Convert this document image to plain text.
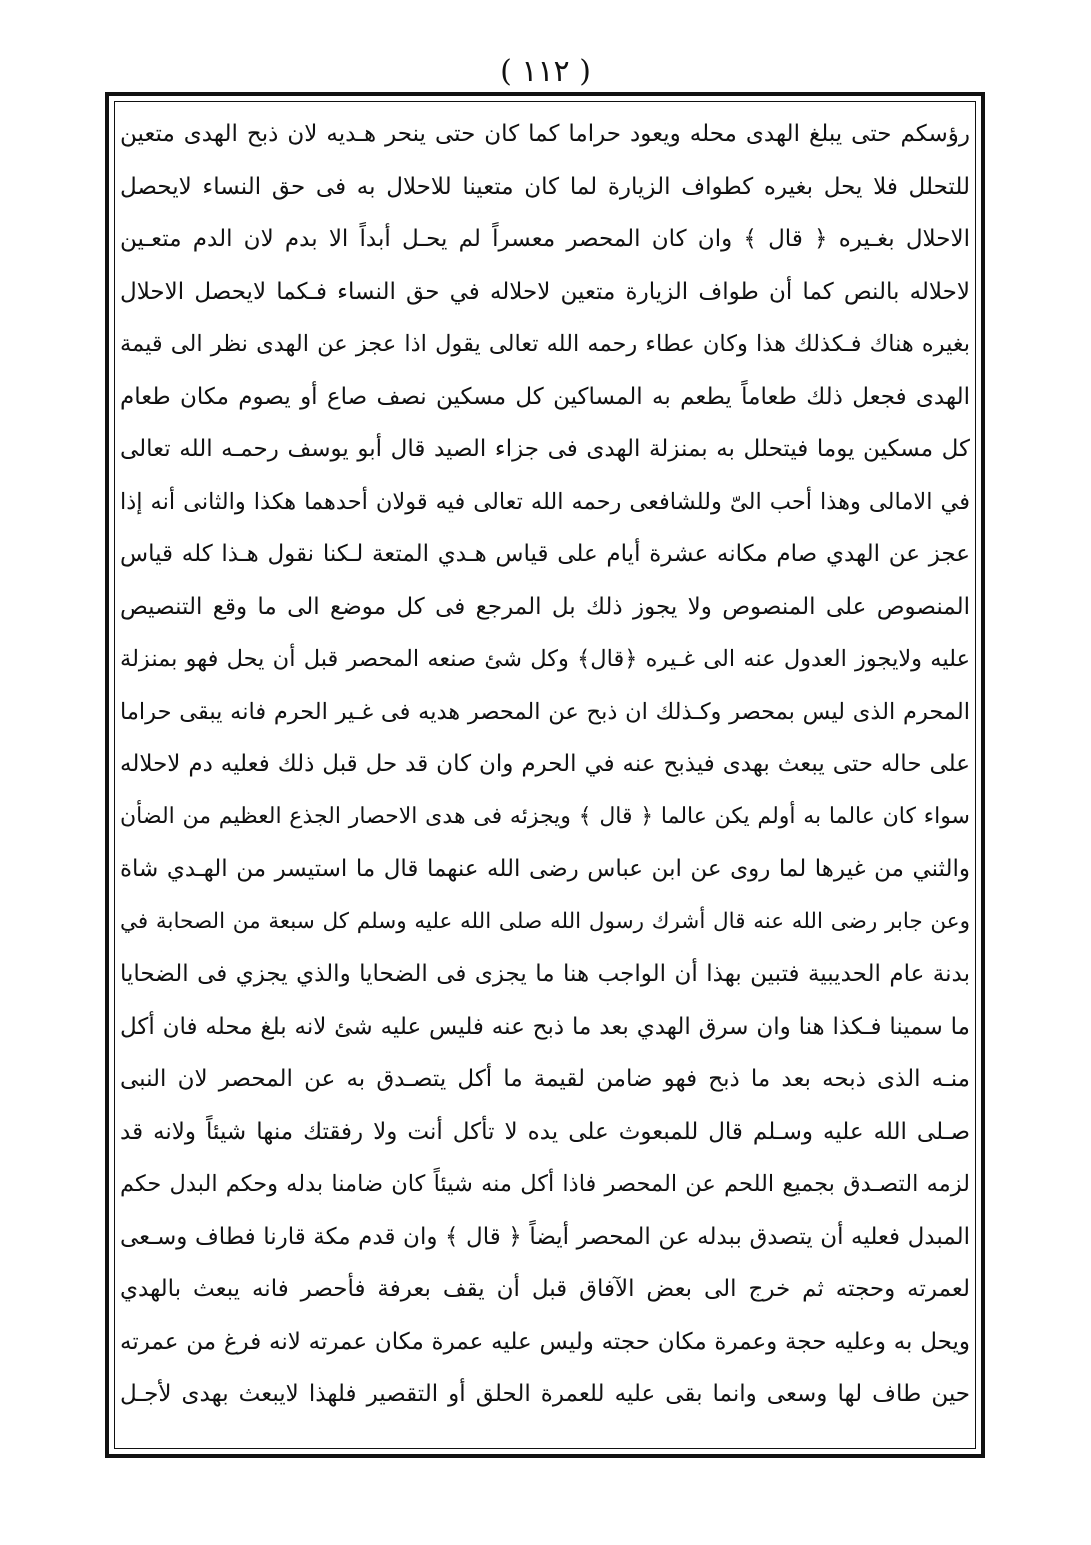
( ١١٢ )
رؤسكم حتى يبلغ الهدى محله ويعود حراما كما كان حتى ينحر هـديه لان ذبح الهدى متعين
للتحلل فلا يحل بغيره كطواف الزيارة لما كان متعينا للاحلال به فى حق النساء لايحصل
الاحلال بغـيره ﴿ قال ﴾ وان كان المحصر معسراً لم يحـل أبداً الا بدم لان الدم متعـين
لاحلاله بالنص كما أن طواف الزيارة متعين لاحلاله في حق النساء فـكما لايحصل الاحلال
بغيره هناك فـكذلك هذا وكان عطاء رحمه الله تعالى يقول اذا عجز عن الهدى نظر الى قيمة
الهدى فجعل ذلك طعاماً يطعم به المساكين كل مسكين نصف صاع أو يصوم مكان طعام
كل مسكين يوما فيتحلل به بمنزلة الهدى فى جزاء الصيد قال أبو يوسف رحمـه الله تعالى
في الامالى وهذا أحب الىّ وللشافعى رحمه الله تعالى فيه قولان أحدهما هكذا والثانى أنه إذا
عجز عن الهدي صام مكانه عشرة أيام على قياس هـدي المتعة لـكنا نقول هـذا كله قياس
المنصوص على المنصوص ولا يجوز ذلك بل المرجع فى كل موضع الى ما وقع التنصيص
عليه ولايجوز العدول عنه الى غـيره ﴿قال﴾ وكل شئ صنعه المحصر قبل أن يحل فهو بمنزلة
المحرم الذى ليس بمحصر وكـذلك ان ذبح عن المحصر هديه فى غـير الحرم فانه يبقى حراما
على حاله حتى يبعث بهدى فيذبح عنه في الحرم وان كان قد حل قبل ذلك فعليه دم لاحلاله
سواء كان عالما به أولم يكن عالما ﴿ قال ﴾ ويجزئه فى هدى الاحصار الجذع العظيم من الضأن
والثني من غيرها لما روى عن ابن عباس رضى الله عنهما قال ما استيسر من الهـدي شاة
وعن جابر رضى الله عنه قال أشرك رسول الله صلى الله عليه وسلم كل سبعة من الصحابة في
بدنة عام الحديبية فتبين بهذا أن الواجب هنا ما يجزى فى الضحايا والذي يجزي فى الضحايا
ما سمينا فـكذا هنا وان سرق الهدي بعد ما ذبح عنه فليس عليه شئ لانه بلغ محله فان أكل
منـه الذى ذبحه بعد ما ذبح فهو ضامن لقيمة ما أكل يتصـدق به عن المحصر لان النبى
صـلى الله عليه وسـلم قال للمبعوث على يده لا تأكل أنت ولا رفقتك منها شيئاً ولانه قد
لزمه التصـدق بجميع اللحم عن المحصر فاذا أكل منه شيئاً كان ضامنا بدله وحكم البدل حكم
المبدل فعليه أن يتصدق ببدله عن المحصر أيضاً ﴿ قال ﴾ وان قدم مكة قارنا فطاف وسـعى
لعمرته وحجته ثم خرج الى بعض الآفاق قبل أن يقف بعرفة فأحصر فانه يبعث بالهدي
ويحل به وعليه حجة وعمرة مكان حجته وليس عليه عمرة مكان عمرته لانه فرغ من عمرته
حين طاف لها وسعى وانما بقى عليه للعمرة الحلق أو التقصير فلهذا لايبعث بهدى لأجـل
